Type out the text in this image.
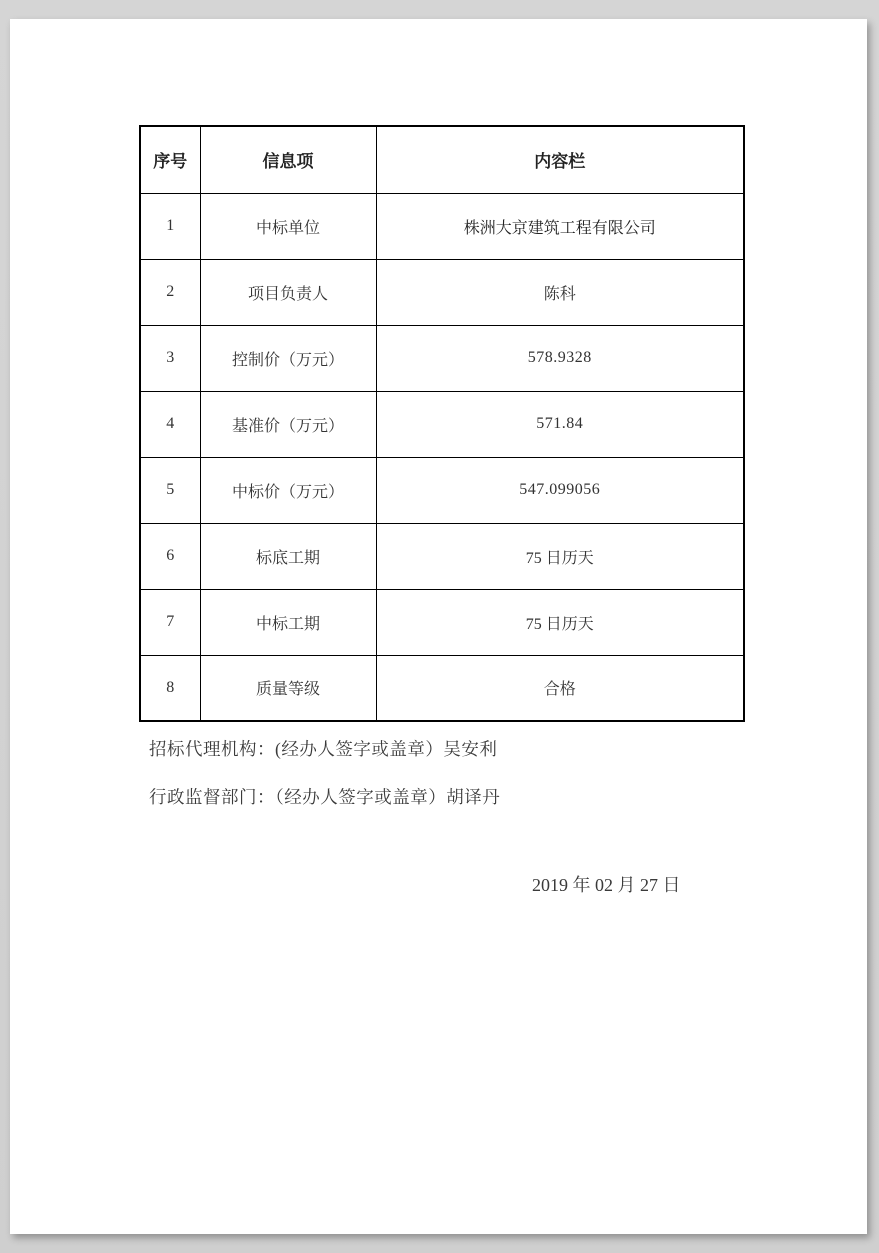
序号	信息项	内容栏
1	中标单位	株洲大京建筑工程有限公司
2	项目负责人	陈科
3	控制价（万元）	578.9328
4	基准价（万元）	571.84
5	中标价（万元）	547.099056
6	标底工期	75 日历天
7	中标工期	75 日历天
8	质量等级	合格
招标代理机构：(经办人签字或盖章）吴安利
行政监督部门：（经办人签字或盖章）胡译丹
2019 年 02 月 27 日
